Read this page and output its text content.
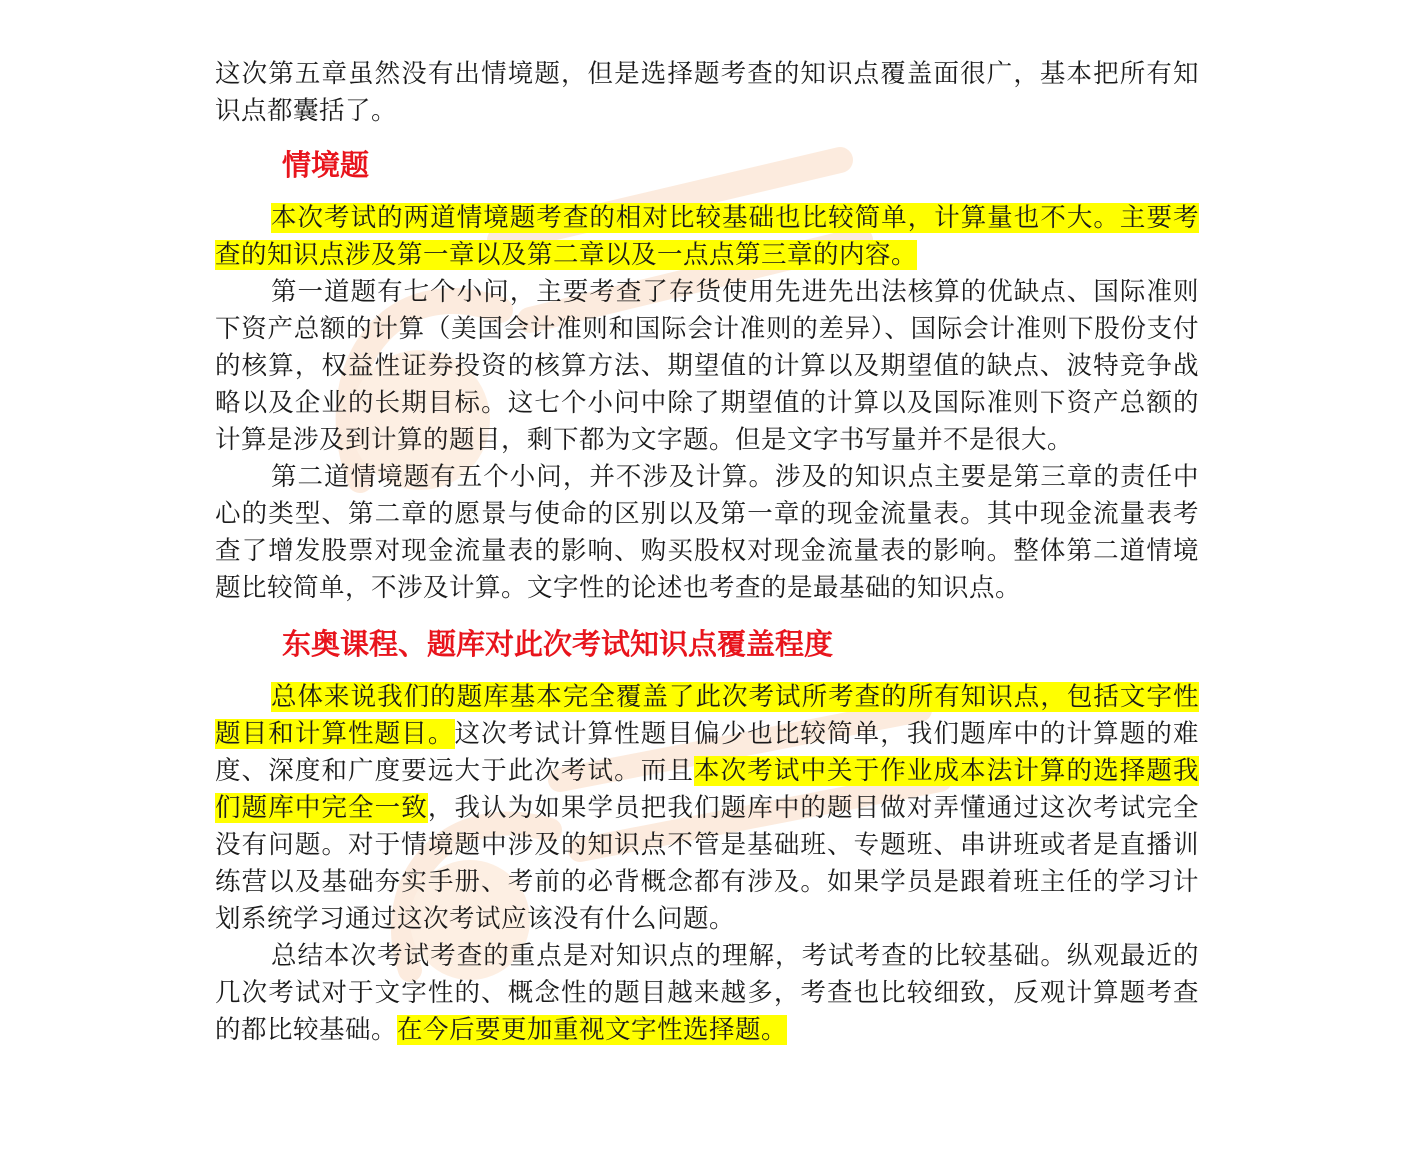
这次第五章虽然没有出情境题，但是选择题考查的知识点覆盖面很广，基本把所有知识点都囊括了。

情境题

本次考试的两道情境题考查的相对比较基础也比较简单，计算量也不大。主要考查的知识点涉及第一章以及第二章以及一点点第三章的内容。

第一道题有七个小问，主要考查了存货使用先进先出法核算的优缺点、国际准则下资产总额的计算（美国会计准则和国际会计准则的差异）、国际会计准则下股份支付的核算，权益性证券投资的核算方法、期望值的计算以及期望值的缺点、波特竞争战略以及企业的长期目标。这七个小问中除了期望值的计算以及国际准则下资产总额的计算是涉及到计算的题目，剩下都为文字题。但是文字书写量并不是很大。

第二道情境题有五个小问，并不涉及计算。涉及的知识点主要是第三章的责任中心的类型、第二章的愿景与使命的区别以及第一章的现金流量表。其中现金流量表考查了增发股票对现金流量表的影响、购买股权对现金流量表的影响。整体第二道情境题比较简单，不涉及计算。文字性的论述也考查的是最基础的知识点。

东奥课程、题库对此次考试知识点覆盖程度

总体来说我们的题库基本完全覆盖了此次考试所考查的所有知识点，包括文字性题目和计算性题目。这次考试计算性题目偏少也比较简单，我们题库中的计算题的难度、深度和广度要远大于此次考试。而且本次考试中关于作业成本法计算的选择题我们题库中完全一致，我认为如果学员把我们题库中的题目做对弄懂通过这次考试完全没有问题。对于情境题中涉及的知识点不管是基础班、专题班、串讲班或者是直播训练营以及基础夯实手册、考前的必背概念都有涉及。如果学员是跟着班主任的学习计划系统学习通过这次考试应该没有什么问题。

总结本次考试考查的重点是对知识点的理解，考试考查的比较基础。纵观最近的几次考试对于文字性的、概念性的题目越来越多，考查也比较细致，反观计算题考查的都比较基础。在今后要更加重视文字性选择题。
